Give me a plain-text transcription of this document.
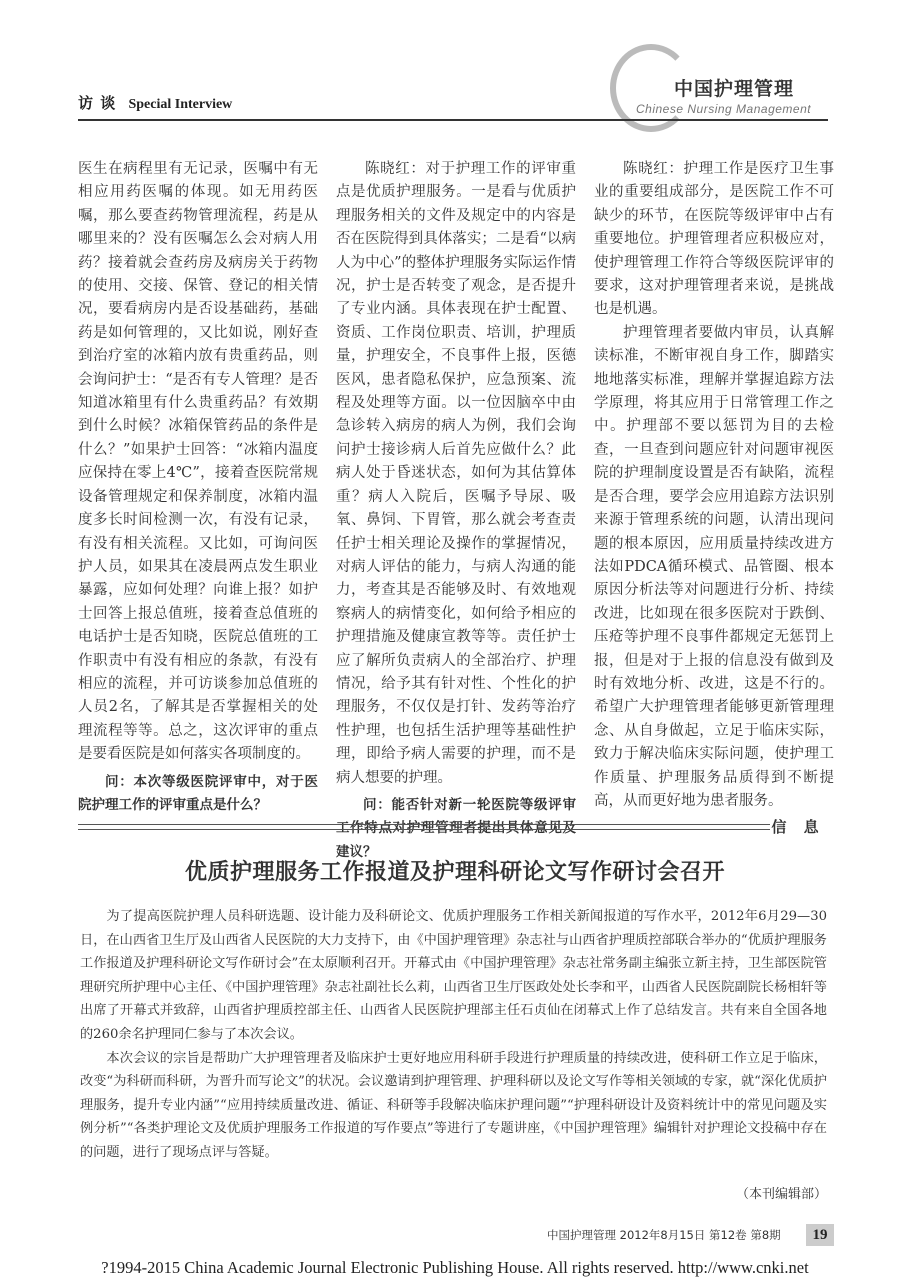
访 谈 Special Interview
中国护理管理
Chinese Nursing Management

医生在病程里有无记录，医嘱中有无相应用药医嘱的体现。如无用药医嘱，那么要查药物管理流程，药是从哪里来的？没有医嘱怎么会对病人用药？接着就会查药房及病房关于药物的使用、交接、保管、登记的相关情况，要看病房内是否设基础药，基础药是如何管理的，又比如说，刚好查到治疗室的冰箱内放有贵重药品，则会询问护士：“是否有专人管理？是否知道冰箱里有什么贵重药品？有效期到什么时候？冰箱保管药品的条件是什么？”如果护士回答：“冰箱内温度应保持在零上4℃”，接着查医院常规设备管理规定和保养制度，冰箱内温度多长时间检测一次，有没有记录，有没有相关流程。又比如，可询问医护人员，如果其在凌晨两点发生职业暴露，应如何处理？向谁上报？如护士回答上报总值班，接着查总值班的电话护士是否知晓，医院总值班的工作职责中有没有相应的条款，有没有相应的流程，并可访谈参加总值班的人员2名，了解其是否掌握相关的处理流程等等。总之，这次评审的重点是要看医院是如何落实各项制度的。

问：本次等级医院评审中，对于医院护理工作的评审重点是什么？

陈晓红：对于护理工作的评审重点是优质护理服务。一是看与优质护理服务相关的文件及规定中的内容是否在医院得到具体落实；二是看“以病人为中心”的整体护理服务实际运作情况，护士是否转变了观念，是否提升了专业内涵。具体表现在护士配置、资质、工作岗位职责、培训，护理质量，护理安全，不良事件上报，医德医风，患者隐私保护，应急预案、流程及处理等方面。以一位因脑卒中由急诊转入病房的病人为例，我们会询问护士接诊病人后首先应做什么？此病人处于昏迷状态，如何为其估算体重？病人入院后，医嘱予导尿、吸氧、鼻饲、下胃管，那么就会考查责任护士相关理论及操作的掌握情况，对病人评估的能力，与病人沟通的能力，考查其是否能够及时、有效地观察病人的病情变化，如何给予相应的护理措施及健康宣教等等。责任护士应了解所负责病人的全部治疗、护理情况，给予其有针对性、个性化的护理服务，不仅仅是打针、发药等治疗性护理，也包括生活护理等基础性护理，即给予病人需要的护理，而不是病人想要的护理。

问：能否针对新一轮医院等级评审工作特点对护理管理者提出具体意见及建议？

陈晓红：护理工作是医疗卫生事业的重要组成部分，是医院工作不可缺少的环节，在医院等级评审中占有重要地位。护理管理者应积极应对，使护理管理工作符合等级医院评审的要求，这对护理管理者来说，是挑战也是机遇。

护理管理者要做内审员，认真解读标准，不断审视自身工作，脚踏实地地落实标准，理解并掌握追踪方法学原理，将其应用于日常管理工作之中。护理部不要以惩罚为目的去检查，一旦查到问题应针对问题审视医院的护理制度设置是否有缺陷，流程是否合理，要学会应用追踪方法识别来源于管理系统的问题，认清出现问题的根本原因，应用质量持续改进方法如PDCA循环模式、品管圈、根本原因分析法等对问题进行分析、持续改进，比如现在很多医院对于跌倒、压疮等护理不良事件都规定无惩罚上报，但是对于上报的信息没有做到及时有效地分析、改进，这是不行的。希望广大护理管理者能够更新管理理念、从自身做起，立足于临床实际，致力于解决临床实际问题，使护理工作质量、护理服务品质得到不断提高，从而更好地为患者服务。

信 息
优质护理服务工作报道及护理科研论文写作研讨会召开

为了提高医院护理人员科研选题、设计能力及科研论文、优质护理服务工作相关新闻报道的写作水平，2012年6月29—30日，在山西省卫生厅及山西省人民医院的大力支持下，由《中国护理管理》杂志社与山西省护理质控部联合举办的“优质护理服务工作报道及护理科研论文写作研讨会”在太原顺利召开。开幕式由《中国护理管理》杂志社常务副主编张立新主持，卫生部医院管理研究所护理中心主任、《中国护理管理》杂志社副社长么莉，山西省卫生厅医政处处长李和平，山西省人民医院副院长杨相轩等出席了开幕式并致辞，山西省护理质控部主任、山西省人民医院护理部主任石贞仙在闭幕式上作了总结发言。共有来自全国各地的260余名护理同仁参与了本次会议。

本次会议的宗旨是帮助广大护理管理者及临床护士更好地应用科研手段进行护理质量的持续改进，使科研工作立足于临床，改变“为科研而科研，为晋升而写论文”的状况。会议邀请到护理管理、护理科研以及论文写作等相关领域的专家，就“深化优质护理服务，提升专业内涵”“应用持续质量改进、循证、科研等手段解决临床护理问题”“护理科研设计及资料统计中的常见问题及实例分析”“各类护理论文及优质护理服务工作报道的写作要点”等进行了专题讲座，《中国护理管理》编辑针对护理论文投稿中存在的问题，进行了现场点评与答疑。

（本刊编辑部）
中国护理管理 2012年8月15日 第12卷 第8期	19
?1994-2015 China Academic Journal Electronic Publishing House. All rights reserved. http://www.cnki.net
